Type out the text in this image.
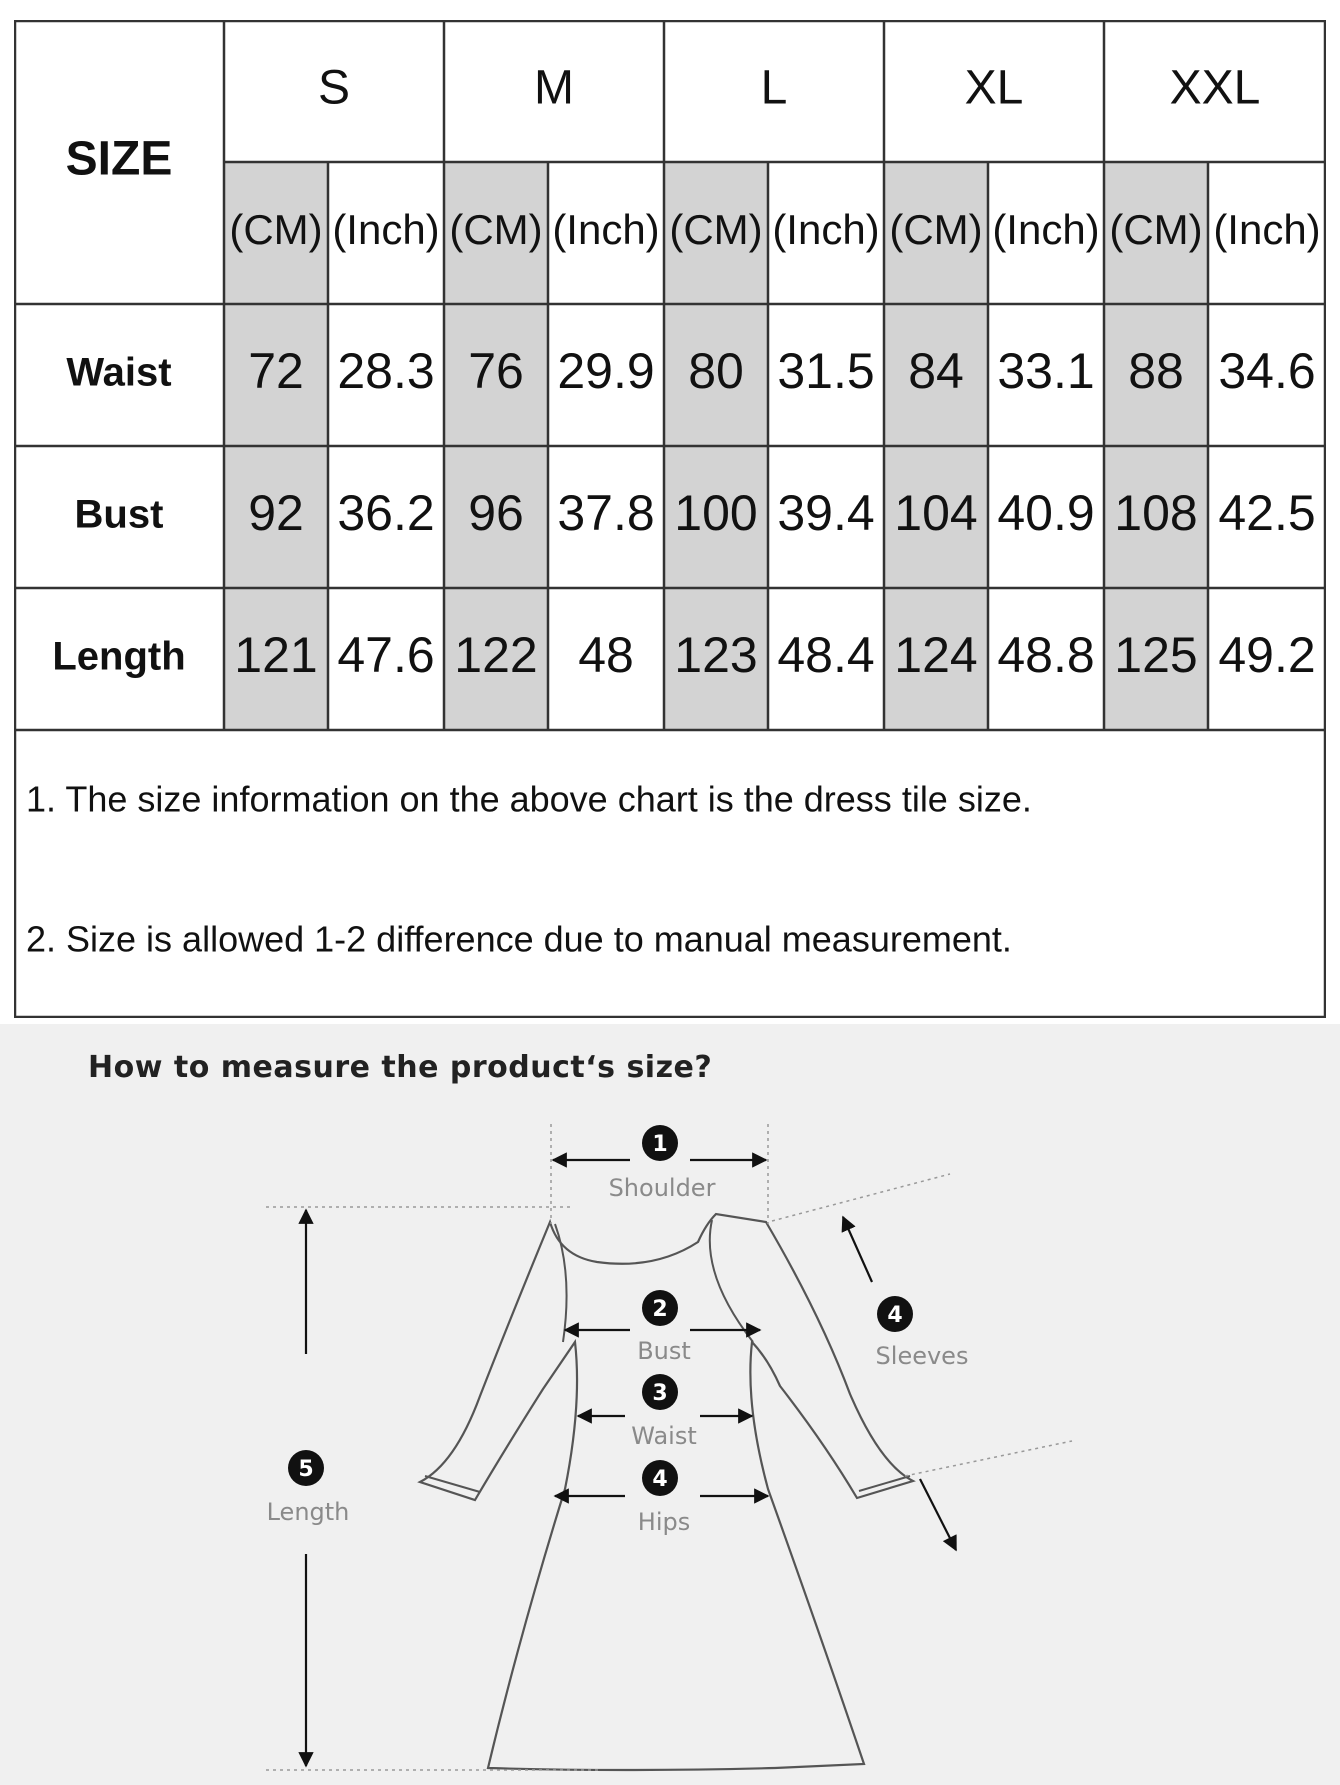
SIZE
S	M	L	XL	XXL
(CM) (Inch) (CM) (Inch) (CM) (Inch) (CM) (Inch) (CM) (Inch)
Waist 72 28.3 76 29.9 80 31.5 84 33.1 88 34.6
Bust 92 36.2 96 37.8 100 39.4 104 40.9 108 42.5
Length 121 47.6 122 48 123 48.4 124 48.8 125 49.2
1. The size information on the above chart is the dress tile size.
2. Size is allowed 1-2 difference due to manual measurement.
1
Shoulder
2
Bust
3
Waist
4
Hips
4
Sleeves
5
Length
How to measure the product‘s size?
